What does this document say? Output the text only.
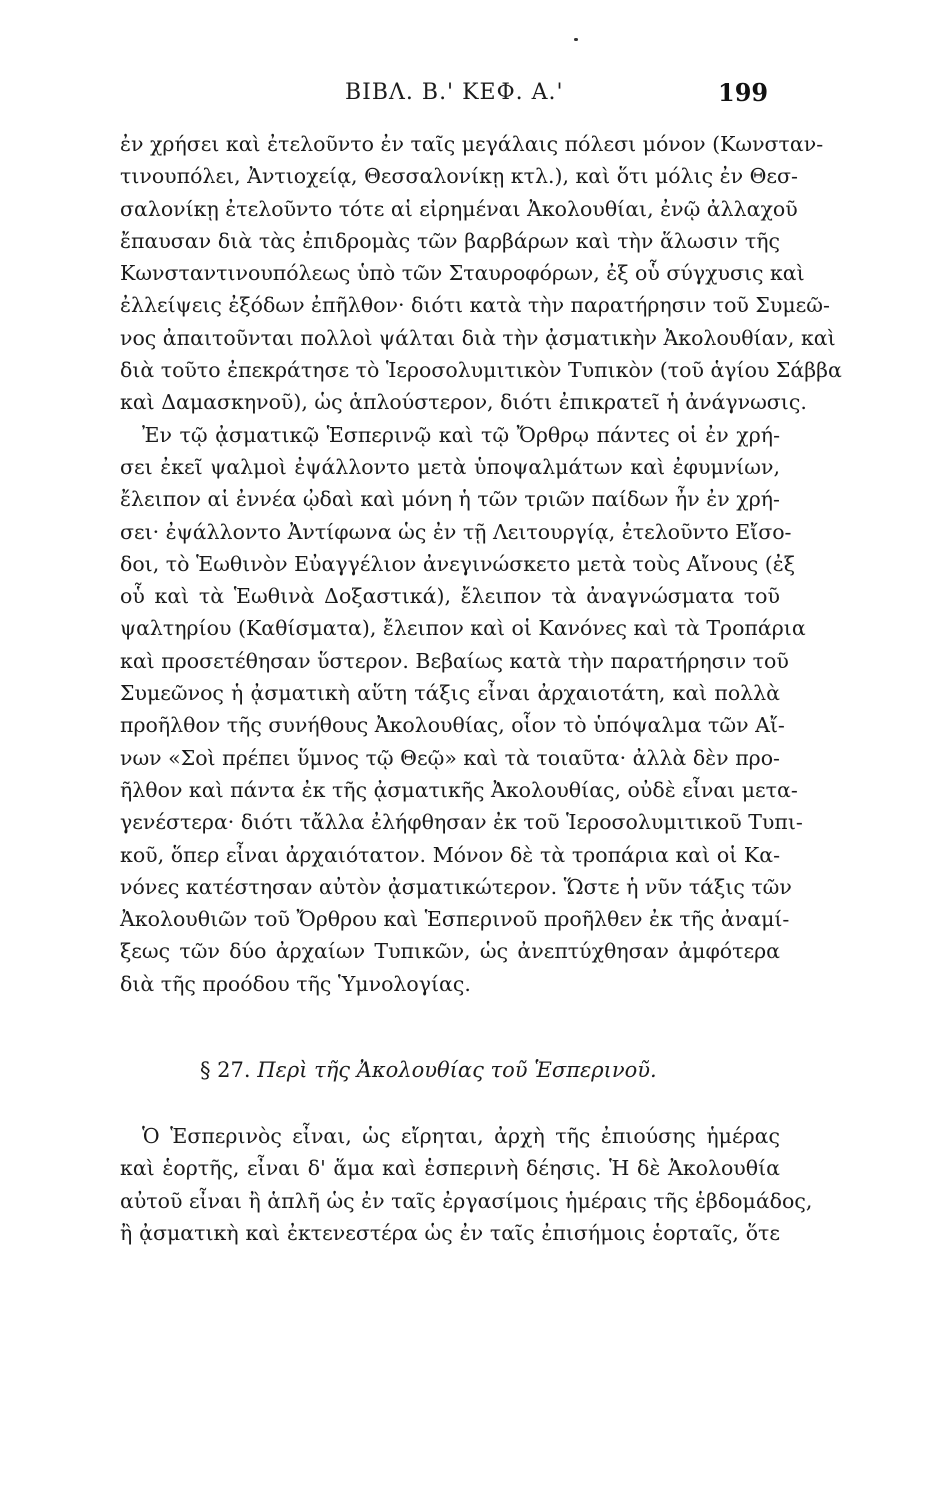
ΒΙΒΛ. Β.' ΚΕΦ. Α.'	199
ἐν χρήσει καὶ ἐτελοῦντο ἐν ταῖς μεγάλαις πόλεσι μόνον (Κωνσταν-
τινουπόλει, Ἀντιοχείᾳ, Θεσσαλονίκῃ κτλ.), καὶ ὅτι μόλις ἐν Θεσ-
σαλονίκῃ ἐτελοῦντο τότε αἱ εἰρημέναι Ἀκολουθίαι, ἐνῷ ἀλλαχοῦ
ἔπαυσαν διὰ τὰς ἐπιδρομὰς τῶν βαρβάρων καὶ τὴν ἅλωσιν τῆς
Κωνσταντινουπόλεως ὑπὸ τῶν Σταυροφόρων, ἐξ οὗ σύγχυσις καὶ
ἐλλείψεις ἐξόδων ἐπῆλθον· διότι κατὰ τὴν παρατήρησιν τοῦ Συμεῶ-
νος ἀπαιτοῦνται πολλοὶ ψάλται διὰ τὴν ᾀσματικὴν Ἀκολουθίαν, καὶ
διὰ τοῦτο ἐπεκράτησε τὸ Ἱεροσολυμιτικὸν Τυπικὸν (τοῦ ἁγίου Σάββα
καὶ Δαμασκηνοῦ), ὡς ἁπλούστερον, διότι ἐπικρατεῖ ἡ ἀνάγνωσις.
Ἐν τῷ ᾀσματικῷ Ἑσπερινῷ καὶ τῷ Ὄρθρῳ πάντες οἱ ἐν χρή-
σει ἐκεῖ ψαλμοὶ ἐψάλλοντο μετὰ ὑποψαλμάτων καὶ ἐφυμνίων,
ἔλειπον αἱ ἐννέα ᾠδαὶ καὶ μόνη ἡ τῶν τριῶν παίδων ἦν ἐν χρή-
σει· ἐψάλλοντο Ἀντίφωνα ὡς ἐν τῇ Λειτουργίᾳ, ἐτελοῦντο Εἴσο-
δοι, τὸ Ἑωθινὸν Εὐαγγέλιον ἀνεγινώσκετο μετὰ τοὺς Αἴνους (ἐξ
οὗ καὶ τὰ Ἑωθινὰ Δοξαστικά), ἔλειπον τὰ ἀναγνώσματα τοῦ
ψαλτηρίου (Καθίσματα), ἔλειπον καὶ οἱ Κανόνες καὶ τὰ Τροπάρια
καὶ προσετέθησαν ὕστερον. Βεβαίως κατὰ τὴν παρατήρησιν τοῦ
Συμεῶνος ἡ ᾀσματικὴ αὕτη τάξις εἶναι ἀρχαιοτάτη, καὶ πολλὰ
προῆλθον τῆς συνήθους Ἀκολουθίας, οἷον τὸ ὑπόψαλμα τῶν Αἴ-
νων «Σοὶ πρέπει ὕμνος τῷ Θεῷ» καὶ τὰ τοιαῦτα· ἀλλὰ δὲν προ-
ῆλθον καὶ πάντα ἐκ τῆς ᾀσματικῆς Ἀκολουθίας, οὐδὲ εἶναι μετα-
γενέστερα· διότι τἄλλα ἐλήφθησαν ἐκ τοῦ Ἱεροσολυμιτικοῦ Τυπι-
κοῦ, ὅπερ εἶναι ἀρχαιότατον. Μόνον δὲ τὰ τροπάρια καὶ οἱ Κα-
νόνες κατέστησαν αὐτὸν ᾀσματικώτερον. Ὥστε ἡ νῦν τάξις τῶν
Ἀκολουθιῶν τοῦ Ὄρθρου καὶ Ἑσπερινοῦ προῆλθεν ἐκ τῆς ἀναμί-
ξεως τῶν δύο ἀρχαίων Τυπικῶν, ὡς ἀνεπτύχθησαν ἀμφότερα
διὰ τῆς προόδου τῆς Ὑμνολογίας.
§ 27. Περὶ τῆς Ἀκολουθίας τοῦ Ἑσπερινοῦ.
Ὁ Ἑσπερινὸς εἶναι, ὡς εἴρηται, ἀρχὴ τῆς ἐπιούσης ἡμέρας
καὶ ἑορτῆς, εἶναι δ' ἅμα καὶ ἑσπερινὴ δέησις. Ἡ δὲ Ἀκολουθία
αὐτοῦ εἶναι ἢ ἁπλῆ ὡς ἐν ταῖς ἐργασίμοις ἡμέραις τῆς ἑβδομάδος,
ἢ ᾀσματικὴ καὶ ἐκτενεστέρα ὡς ἐν ταῖς ἐπισήμοις ἑορταῖς, ὅτε
